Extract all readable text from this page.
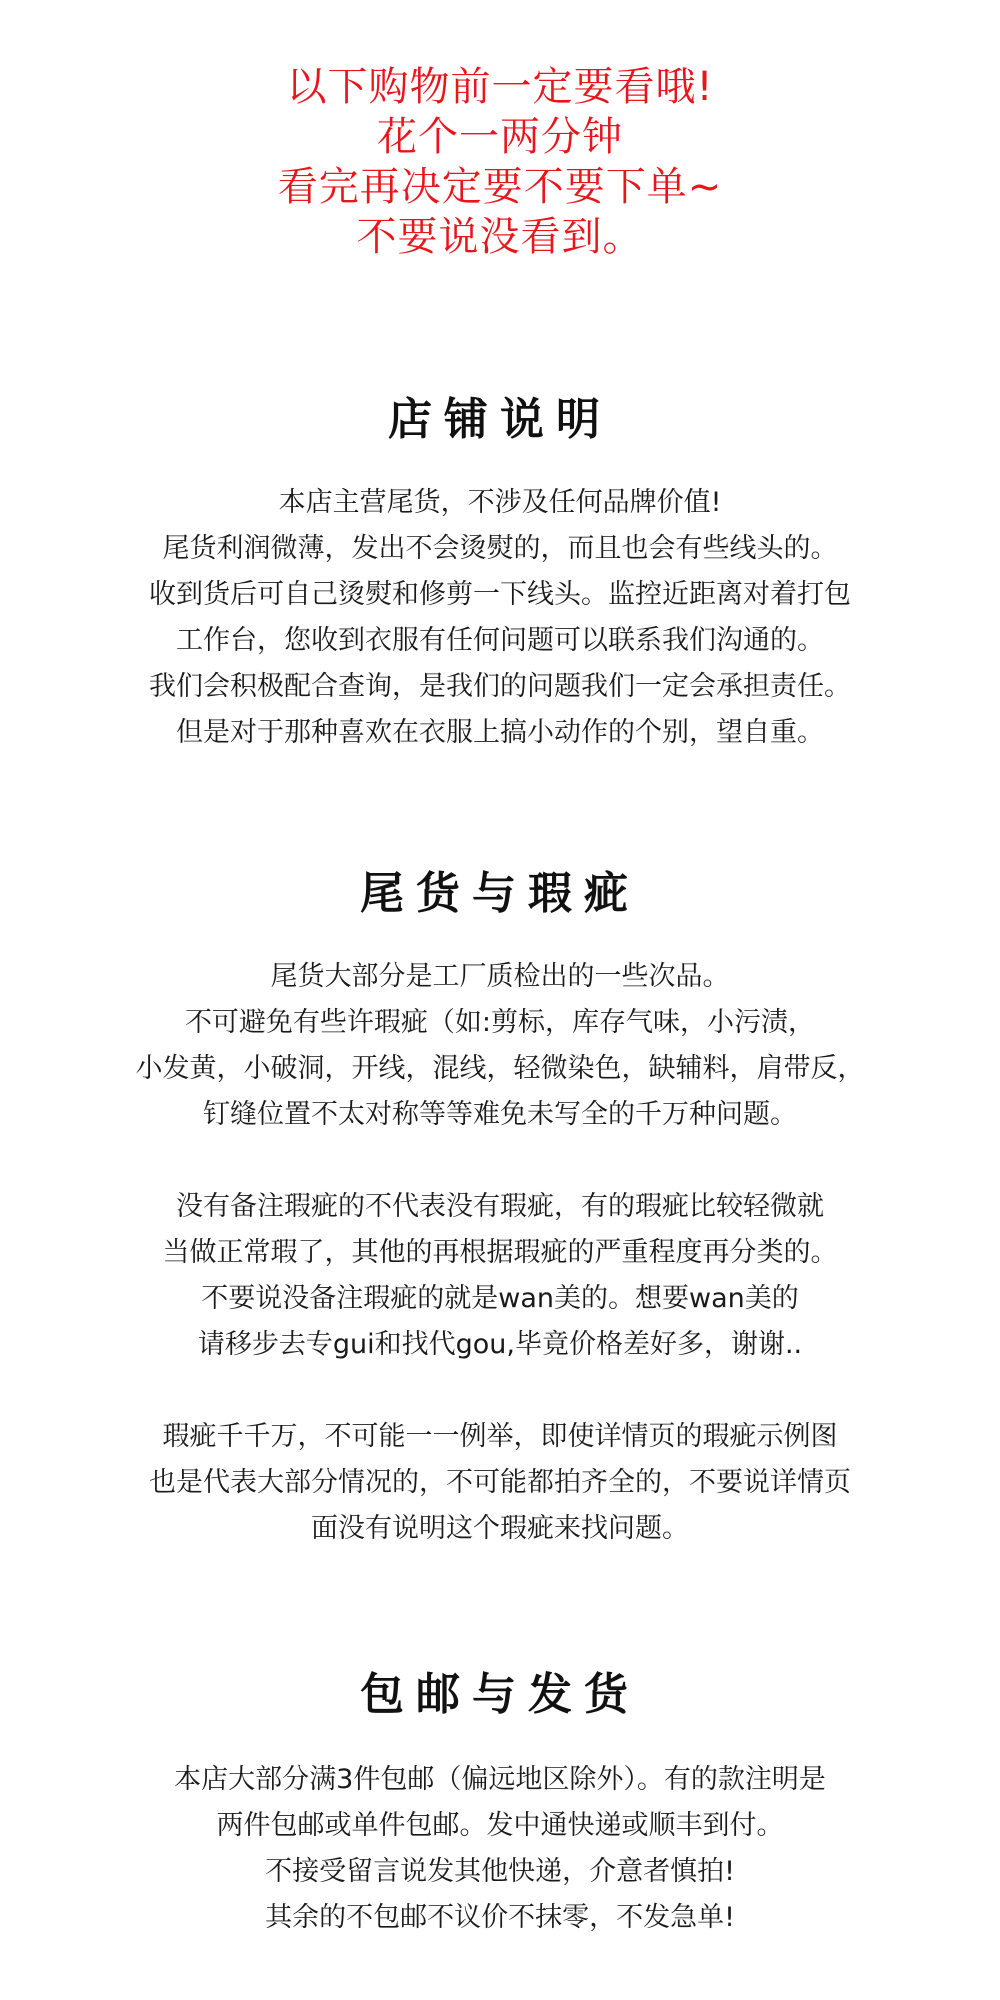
以下购物前一定要看哦!
花个一两分钟
看完再决定要不要下单~
不要说没看到。
店铺说明
本店主营尾货，不涉及任何品牌价值!
尾货利润微薄，发出不会烫熨的，而且也会有些线头的。
收到货后可自己烫熨和修剪一下线头。监控近距离对着打包
工作台，您收到衣服有任何问题可以联系我们沟通的。
我们会积极配合查询，是我们的问题我们一定会承担责任。
但是对于那种喜欢在衣服上搞小动作的个别，望自重。
尾货与瑕疵
尾货大部分是工厂质检出的一些次品。
不可避免有些许瑕疵（如:剪标，库存气味，小污渍，
小发黄，小破洞，开线，混线，轻微染色，缺辅料，肩带反，
钉缝位置不太对称等等难免未写全的千万种问题。
没有备注瑕疵的不代表没有瑕疵，有的瑕疵比较轻微就
当做正常瑕了，其他的再根据瑕疵的严重程度再分类的。
不要说没备注瑕疵的就是wan美的。想要wan美的
请移步去专gui和找代gou,毕竟价格差好多，谢谢..
瑕疵千千万，不可能一一例举，即使详情页的瑕疵示例图
也是代表大部分情况的，不可能都拍齐全的，不要说详情页
面没有说明这个瑕疵来找问题。
包邮与发货
本店大部分满3件包邮（偏远地区除外）。有的款注明是
两件包邮或单件包邮。发中通快递或顺丰到付。
不接受留言说发其他快递，介意者慎拍!
其余的不包邮不议价不抹零，不发急单!
